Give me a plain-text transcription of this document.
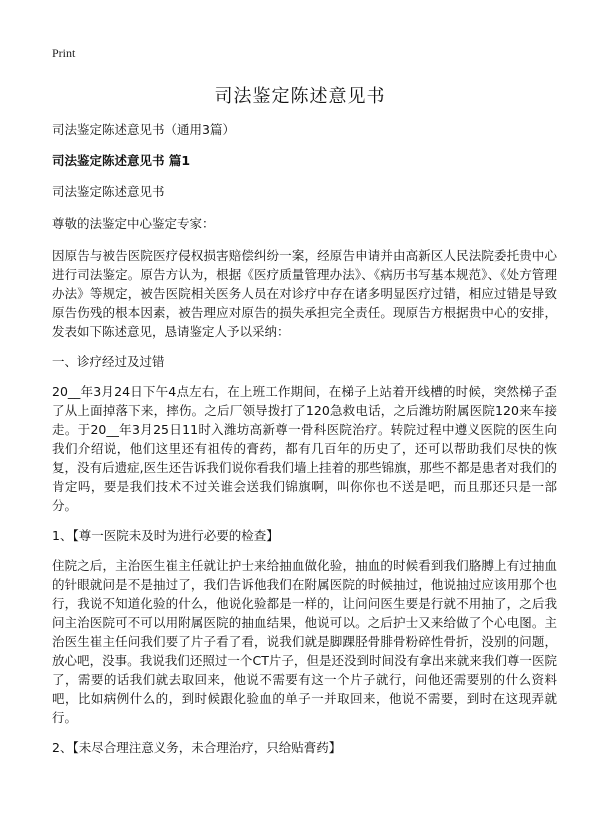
Print
司法鉴定陈述意见书

司法鉴定陈述意见书（通用3篇）

司法鉴定陈述意见书 篇1

司法鉴定陈述意见书

尊敬的法鉴定中心鉴定专家：

因原告与被告医院医疗侵权损害赔偿纠纷一案，经原告申请并由高新区人民法院委托贵中心进行司法鉴定。原告方认为，根据《医疗质量管理办法》、《病历书写基本规范》、《处方管理办法》等规定，被告医院相关医务人员在对诊疗中存在诸多明显医疗过错，相应过错是导致原告伤残的根本因素，被告理应对原告的损失承担完全责任。现原告方根据贵中心的安排，发表如下陈述意见，恳请鉴定人予以采纳：

一、诊疗经过及过错

20__年3月24日下午4点左右，在上班工作期间，在梯子上站着开线槽的时候，突然梯子歪了从上面掉落下来，摔伤。之后厂领导拨打了120急救电话，之后潍坊附属医院120来车接走。于20__年3月25日11时入潍坊高新尊一骨科医院治疗。转院过程中遵义医院的医生向我们介绍说，他们这里还有祖传的膏药，都有几百年的历史了，还可以帮助我们尽快的恢复，没有后遗症,医生还告诉我们说你看我们墙上挂着的那些锦旗，那些不都是患者对我们的肯定吗，要是我们技术不过关谁会送我们锦旗啊，叫你你也不送是吧，而且那还只是一部分。

1、【尊一医院未及时为进行必要的检查】

住院之后，主治医生崔主任就让护士来给抽血做化验，抽血的时候看到我们胳膊上有过抽血的针眼就问是不是抽过了，我们告诉他我们在附属医院的时候抽过，他说抽过应该用那个也行，我说不知道化验的什么，他说化验都是一样的，让问问医生要是行就不用抽了，之后我问主治医院可不可以用附属医院的抽血结果，他说可以。之后护士又来给做了个心电图。主治医生崔主任问我们要了片子看了看，说我们就是脚踝胫骨腓骨粉碎性骨折，没别的问题，放心吧，没事。我说我们还照过一个CT片子，但是还没到时间没有拿出来就来我们尊一医院了，需要的话我们就去取回来，他说不需要有这一个片子就行，问他还需要别的什么资料吧，比如病例什么的，到时候跟化验血的单子一并取回来，他说不需要，到时在这现弄就行。

2、【未尽合理注意义务，未合理治疗，只给贴膏药】
